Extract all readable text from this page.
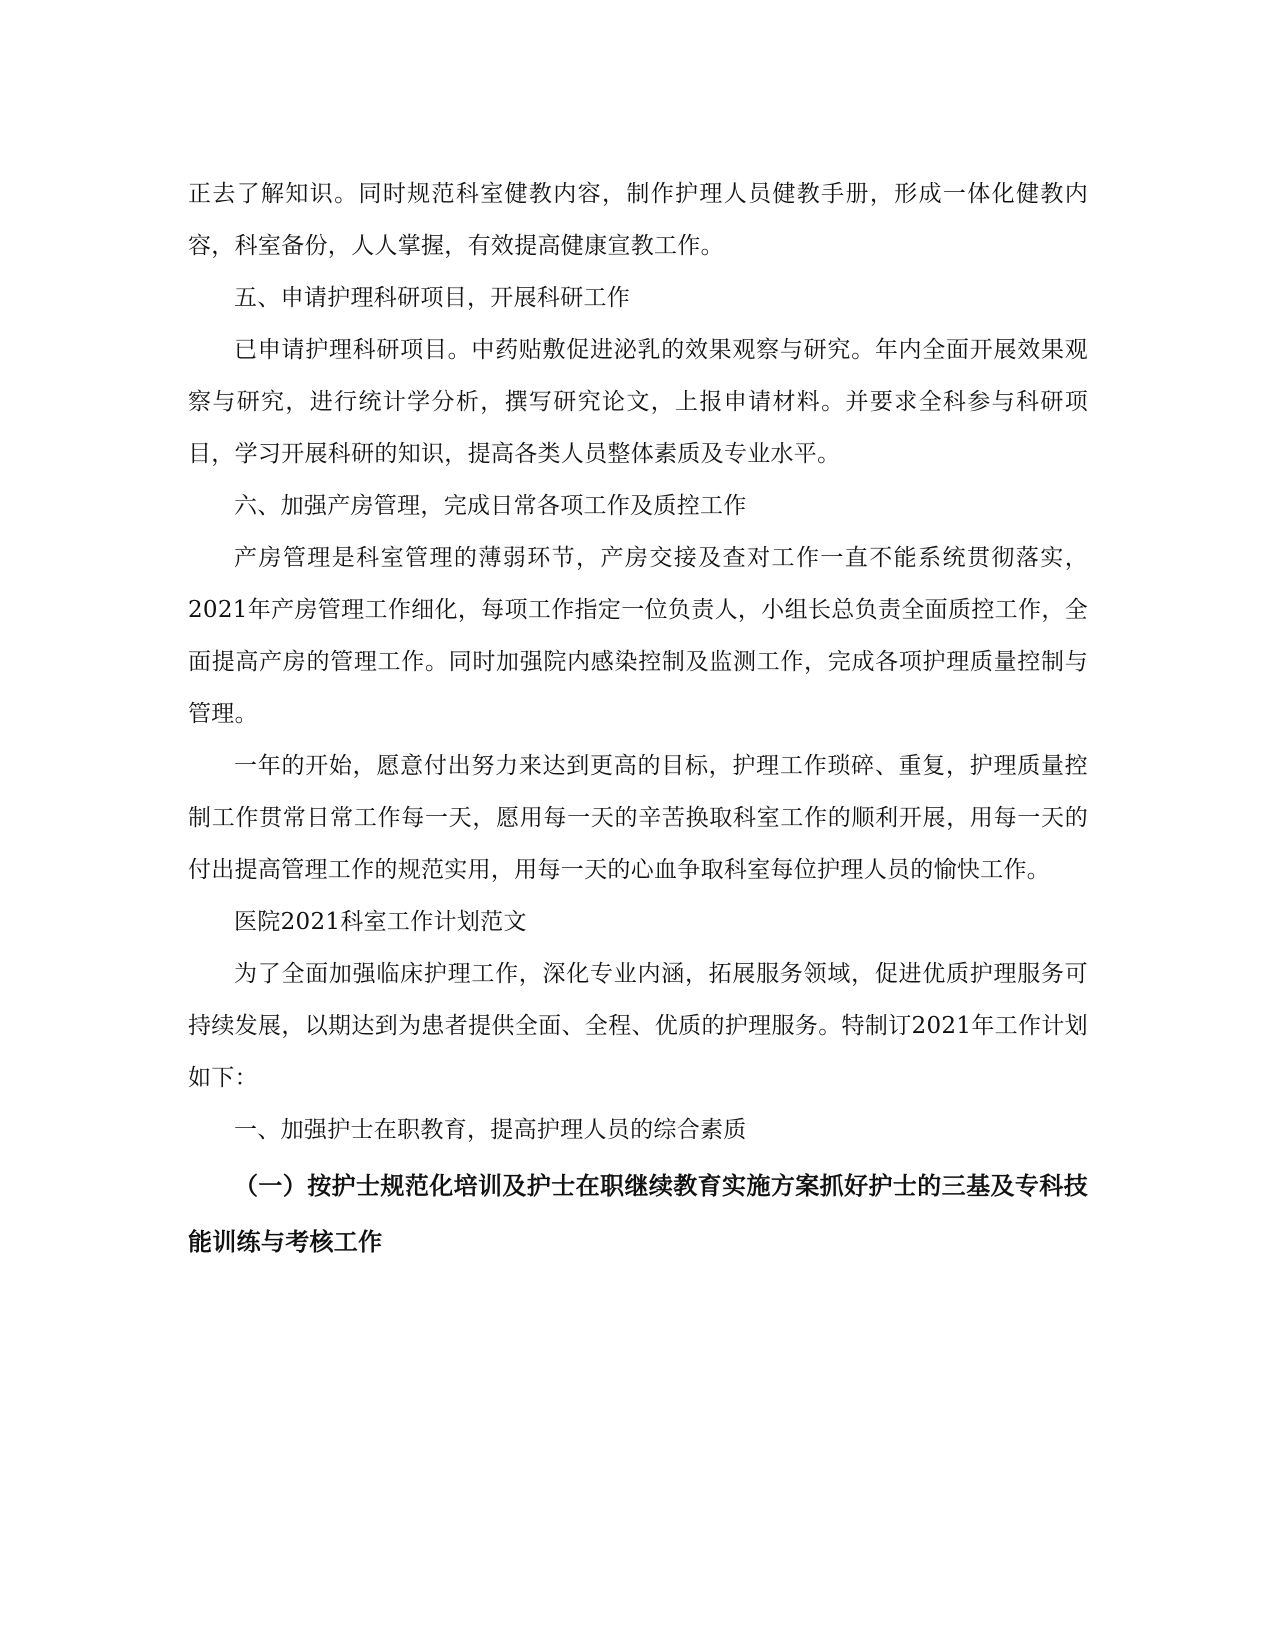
正去了解知识。同时规范科室健教内容，制作护理人员健教手册，形成一体化健教内容，科室备份，人人掌握，有效提高健康宣教工作。

五、申请护理科研项目，开展科研工作

已申请护理科研项目。中药贴敷促进泌乳的效果观察与研究。年内全面开展效果观察与研究，进行统计学分析，撰写研究论文，上报申请材料。并要求全科参与科研项目，学习开展科研的知识，提高各类人员整体素质及专业水平。

六、加强产房管理，完成日常各项工作及质控工作

产房管理是科室管理的薄弱环节，产房交接及查对工作一直不能系统贯彻落实，2021年产房管理工作细化，每项工作指定一位负责人，小组长总负责全面质控工作，全面提高产房的管理工作。同时加强院内感染控制及监测工作，完成各项护理质量控制与管理。

一年的开始，愿意付出努力来达到更高的目标，护理工作琐碎、重复，护理质量控制工作贯常日常工作每一天，愿用每一天的辛苦换取科室工作的顺利开展，用每一天的付出提高管理工作的规范实用，用每一天的心血争取科室每位护理人员的愉快工作。

医院2021科室工作计划范文

为了全面加强临床护理工作，深化专业内涵，拓展服务领域，促进优质护理服务可持续发展，以期达到为患者提供全面、全程、优质的护理服务。特制订2021年工作计划如下：

一、加强护士在职教育，提高护理人员的综合素质

（一）按护士规范化培训及护士在职继续教育实施方案抓好护士的三基及专科技能训练与考核工作
